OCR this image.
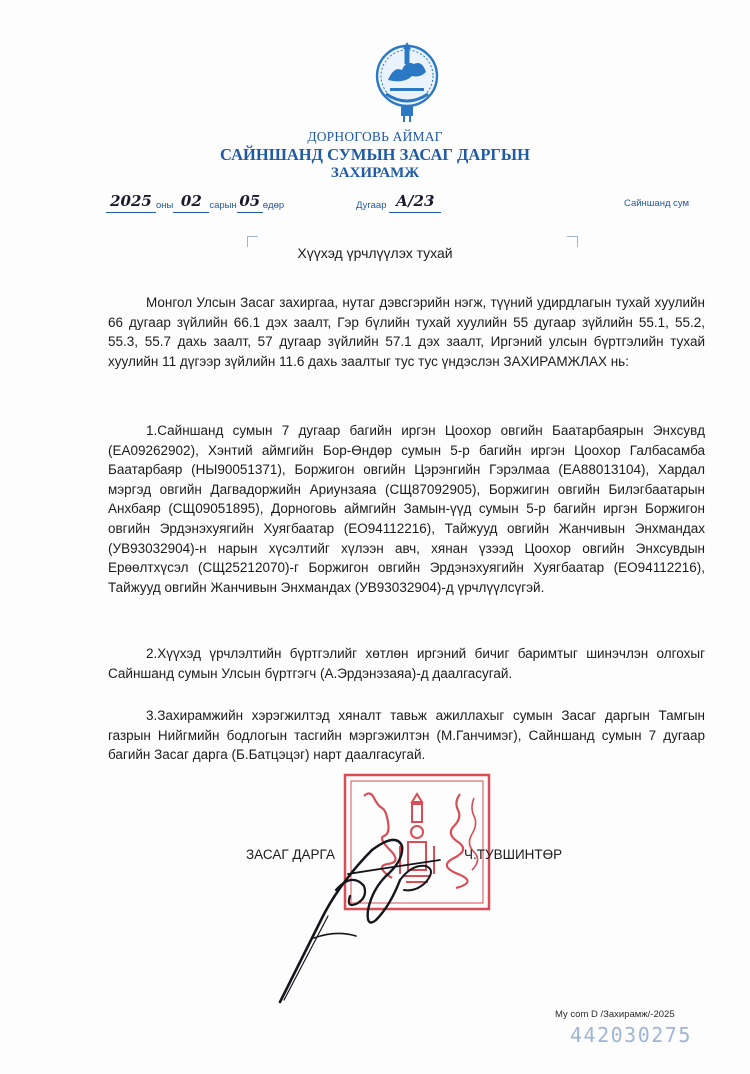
ДОРНОГОВЬ АЙМАГ
САЙНШАНД СУМЫН ЗАСАГ ДАРГЫН
ЗАХИРАМЖ
2025 оны 02 сарын 05 өдөр	Дугаар А/23	Сайншанд сум
Хүүхэд үрчлүүлэх тухай

Монгол Улсын Засаг захиргаа, нутаг дэвсгэрийн нэгж, түүний удирдлагын тухай хуулийн 66 дугаар зүйлийн 66.1 дэх заалт, Гэр бүлийн тухай хуулийн 55 дугаар зүйлийн 55.1, 55.2, 55.3, 55.7 дахь заалт, 57 дугаар зүйлийн 57.1 дэх заалт, Иргэний улсын бүртгэлийн тухай хуулийн 11 дүгээр зүйлийн 11.6 дахь заалтыг тус тус үндэслэн ЗАХИРАМЖЛАХ нь:

1.Сайншанд сумын 7 дугаар багийн иргэн Цоохор овгийн Баатарбаярын Энхсувд (ЕА09262902), Хэнтий аймгийн Бор-Өндөр сумын 5-р багийн иргэн Цоохор Галбасамба Баатарбаяр (НЫ90051371), Боржигон овгийн Цэрэнгийн Гэрэлмаа (ЕА88013104), Хардал мэргэд овгийн Дагвадоржийн Ариунзаяа (СЩ87092905), Боржигин овгийн Билэгбаатарын Анхбаяр (СЩ09051895), Дорноговь аймгийн Замын-үүд сумын 5-р багийн иргэн Боржигон овгийн Эрдэнэхуягийн Хуягбаатар (ЕО94112216), Тайжууд овгийн Жанчивын Энхмандах (УВ93032904)-н нарын хүсэлтийг хүлээн авч, хянан үзээд Цоохор овгийн Энхсувдын Ерөөлтхүсэл (СЩ25212070)-г Боржигон овгийн Эрдэнэхуягийн Хуягбаатар (ЕО94112216), Тайжууд овгийн Жанчивын Энхмандах (УВ93032904)-д үрчлүүлсүгэй.

2.Хүүхэд үрчлэлтийн бүртгэлийг хөтлөн иргэний бичиг баримтыг шинэчлэн олгохыг Сайншанд сумын Улсын бүртгэгч (А.Эрдэнэзаяа)-д даалгасугай.

3.Захирамжийн хэрэгжилтэд хяналт тавьж ажиллахыг сумын Засаг даргын Тамгын газрын Нийгмийн бодлогын тасгийн мэргэжилтэн (М.Ганчимэг), Сайншанд сумын 7 дугаар багийн Засаг дарга (Б.Батцэцэг) нарт даалгасугай.

ЗАСАГ ДАРГА	Ч.ТУВШИНТӨР
Му com D /Захирамж/-2025
442030275
